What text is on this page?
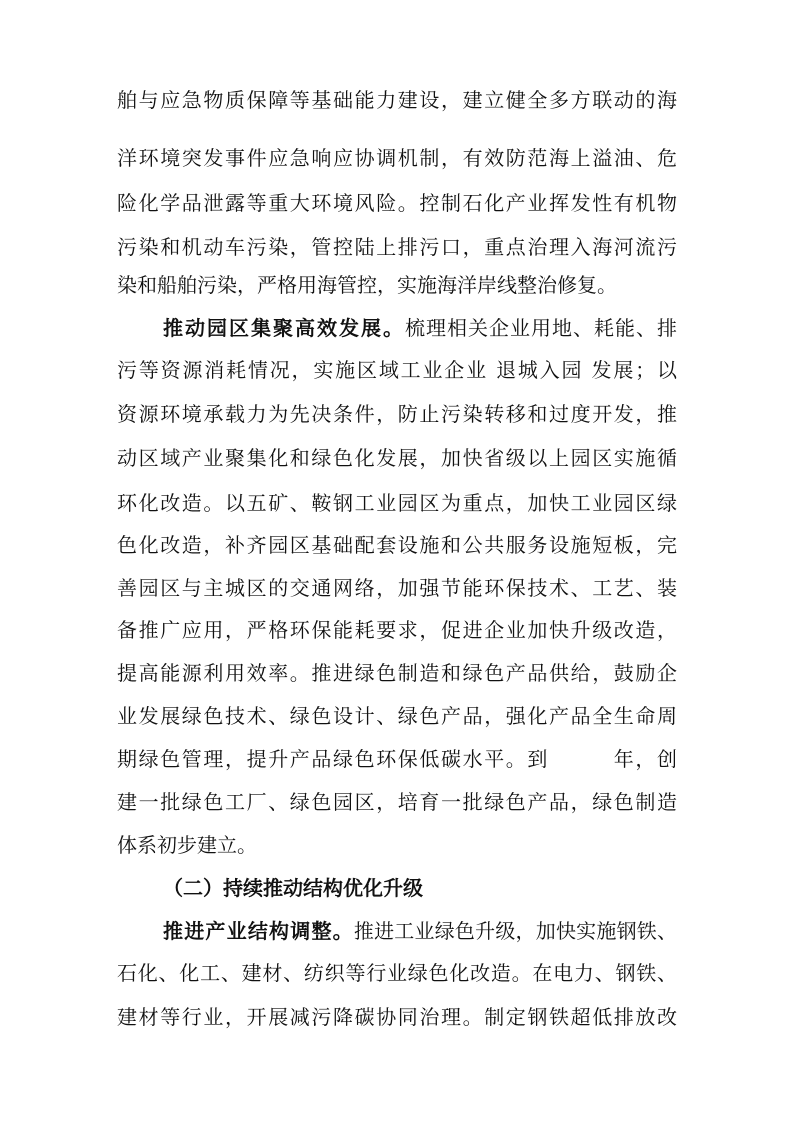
舶与应急物质保障等基础能力建设，建立健全多方联动的海
洋环境突发事件应急响应协调机制，有效防范海上溢油、危
险化学品泄露等重大环境风险。控制石化产业挥发性有机物
污染和机动车污染，管控陆上排污口，重点治理入海河流污
染和船舶污染，严格用海管控，实施海洋岸线整治修复。
推动园区集聚高效发展。梳理相关企业用地、耗能、排
污等资源消耗情况，实施区域工业企业 退城入园 发展；以
资源环境承载力为先决条件，防止污染转移和过度开发，推
动区域产业聚集化和绿色化发展，加快省级以上园区实施循
环化改造。以五矿、鞍钢工业园区为重点，加快工业园区绿
色化改造，补齐园区基础配套设施和公共服务设施短板，完
善园区与主城区的交通网络，加强节能环保技术、工艺、装
备推广应用，严格环保能耗要求，促进企业加快升级改造，
提高能源利用效率。推进绿色制造和绿色产品供给，鼓励企
业发展绿色技术、绿色设计、绿色产品，强化产品全生命周
期绿色管理，提升产品绿色环保低碳水平。到　　　年，创
建一批绿色工厂、绿色园区，培育一批绿色产品，绿色制造
体系初步建立。
（二）持续推动结构优化升级
推进产业结构调整。推进工业绿色升级，加快实施钢铁、
石化、化工、建材、纺织等行业绿色化改造。在电力、钢铁、
建材等行业，开展减污降碳协同治理。制定钢铁超低排放改
